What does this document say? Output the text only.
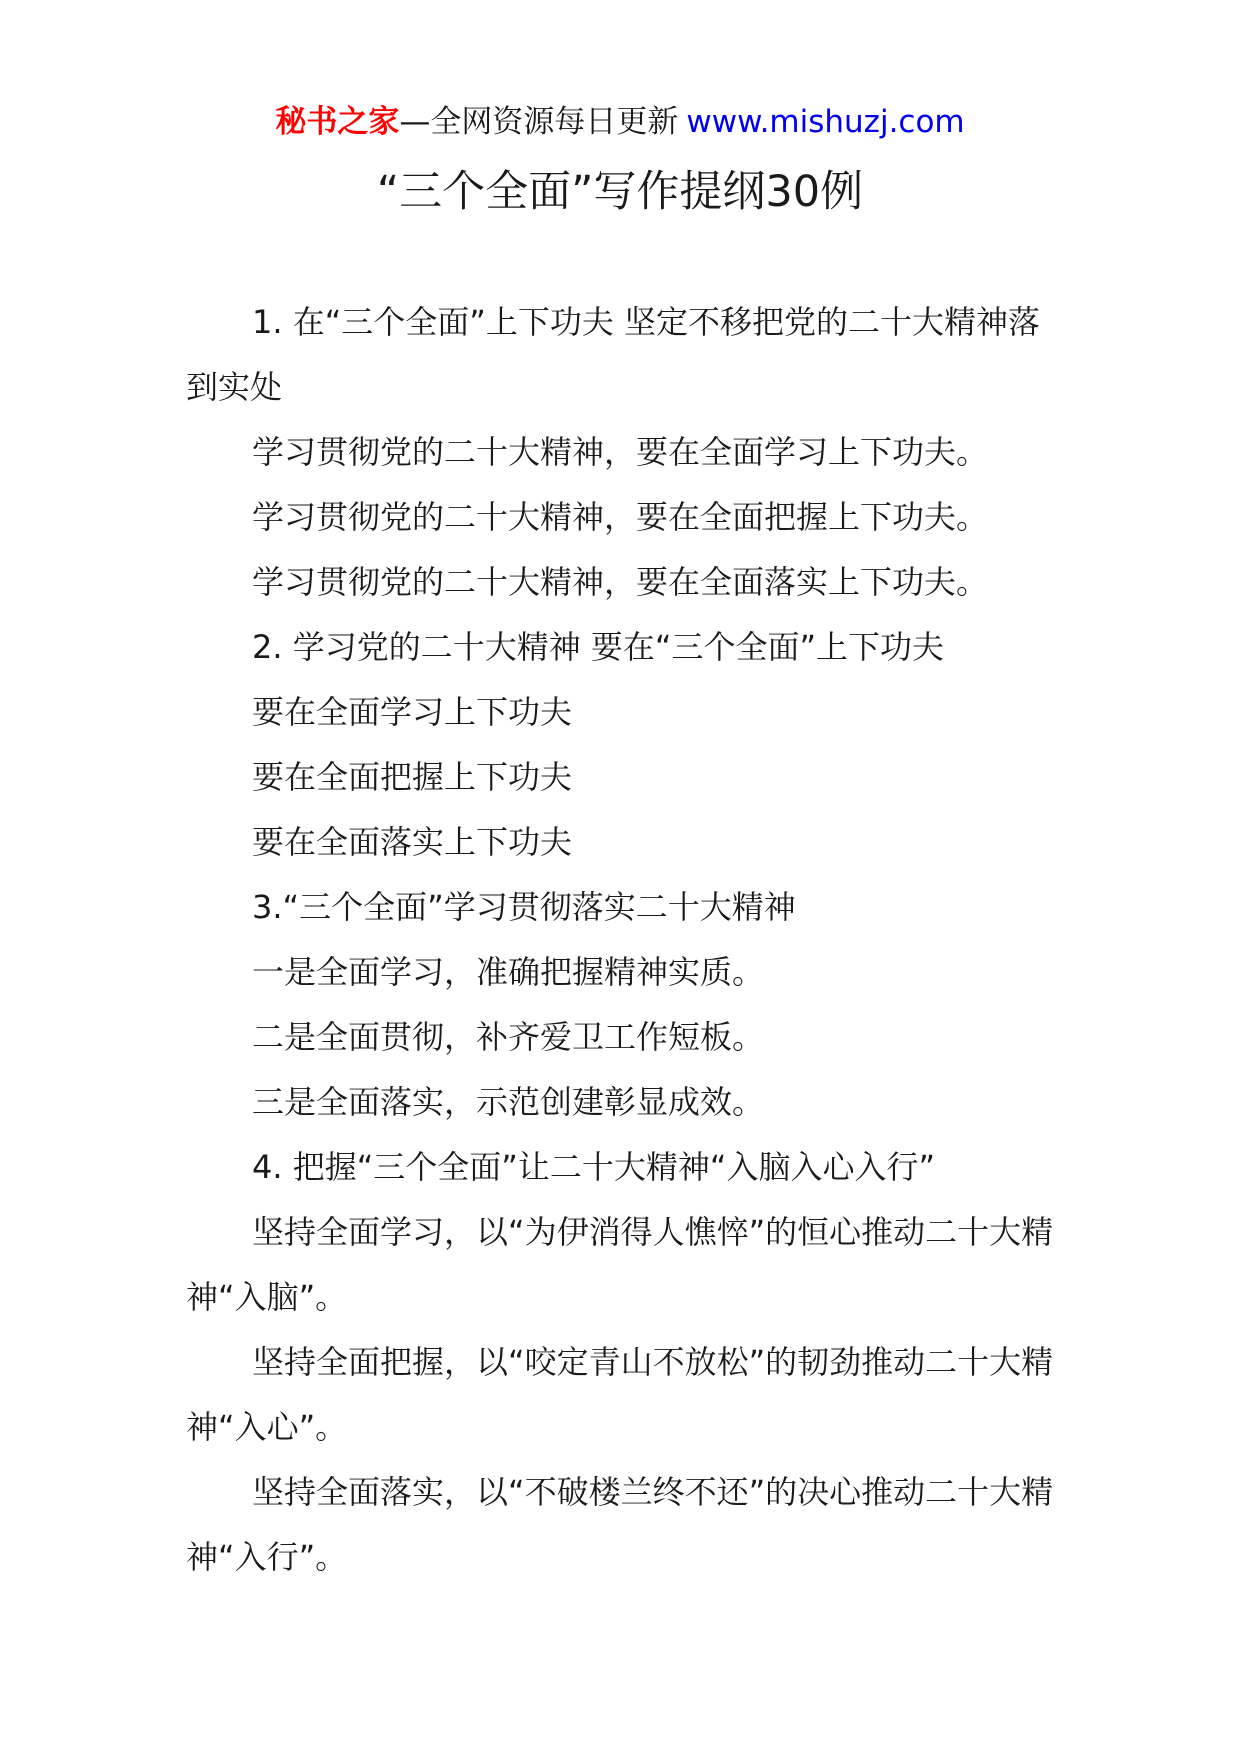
秘书之家—全网资源每日更新 www.mishuzj.com
“三个全面”写作提纲30例

1. 在“三个全面”上下功夫 坚定不移把党的二十大精神落到实处

学习贯彻党的二十大精神，要在全面学习上下功夫。

学习贯彻党的二十大精神，要在全面把握上下功夫。

学习贯彻党的二十大精神，要在全面落实上下功夫。

2. 学习党的二十大精神 要在“三个全面”上下功夫

要在全面学习上下功夫

要在全面把握上下功夫

要在全面落实上下功夫

3.“三个全面”学习贯彻落实二十大精神

一是全面学习，准确把握精神实质。

二是全面贯彻，补齐爱卫工作短板。

三是全面落实，示范创建彰显成效。

4. 把握“三个全面”让二十大精神“入脑入心入行”

坚持全面学习，以“为伊消得人憔悴”的恒心推动二十大精神“入脑”。

坚持全面把握，以“咬定青山不放松”的韧劲推动二十大精神“入心”。

坚持全面落实，以“不破楼兰终不还”的决心推动二十大精神“入行”。
